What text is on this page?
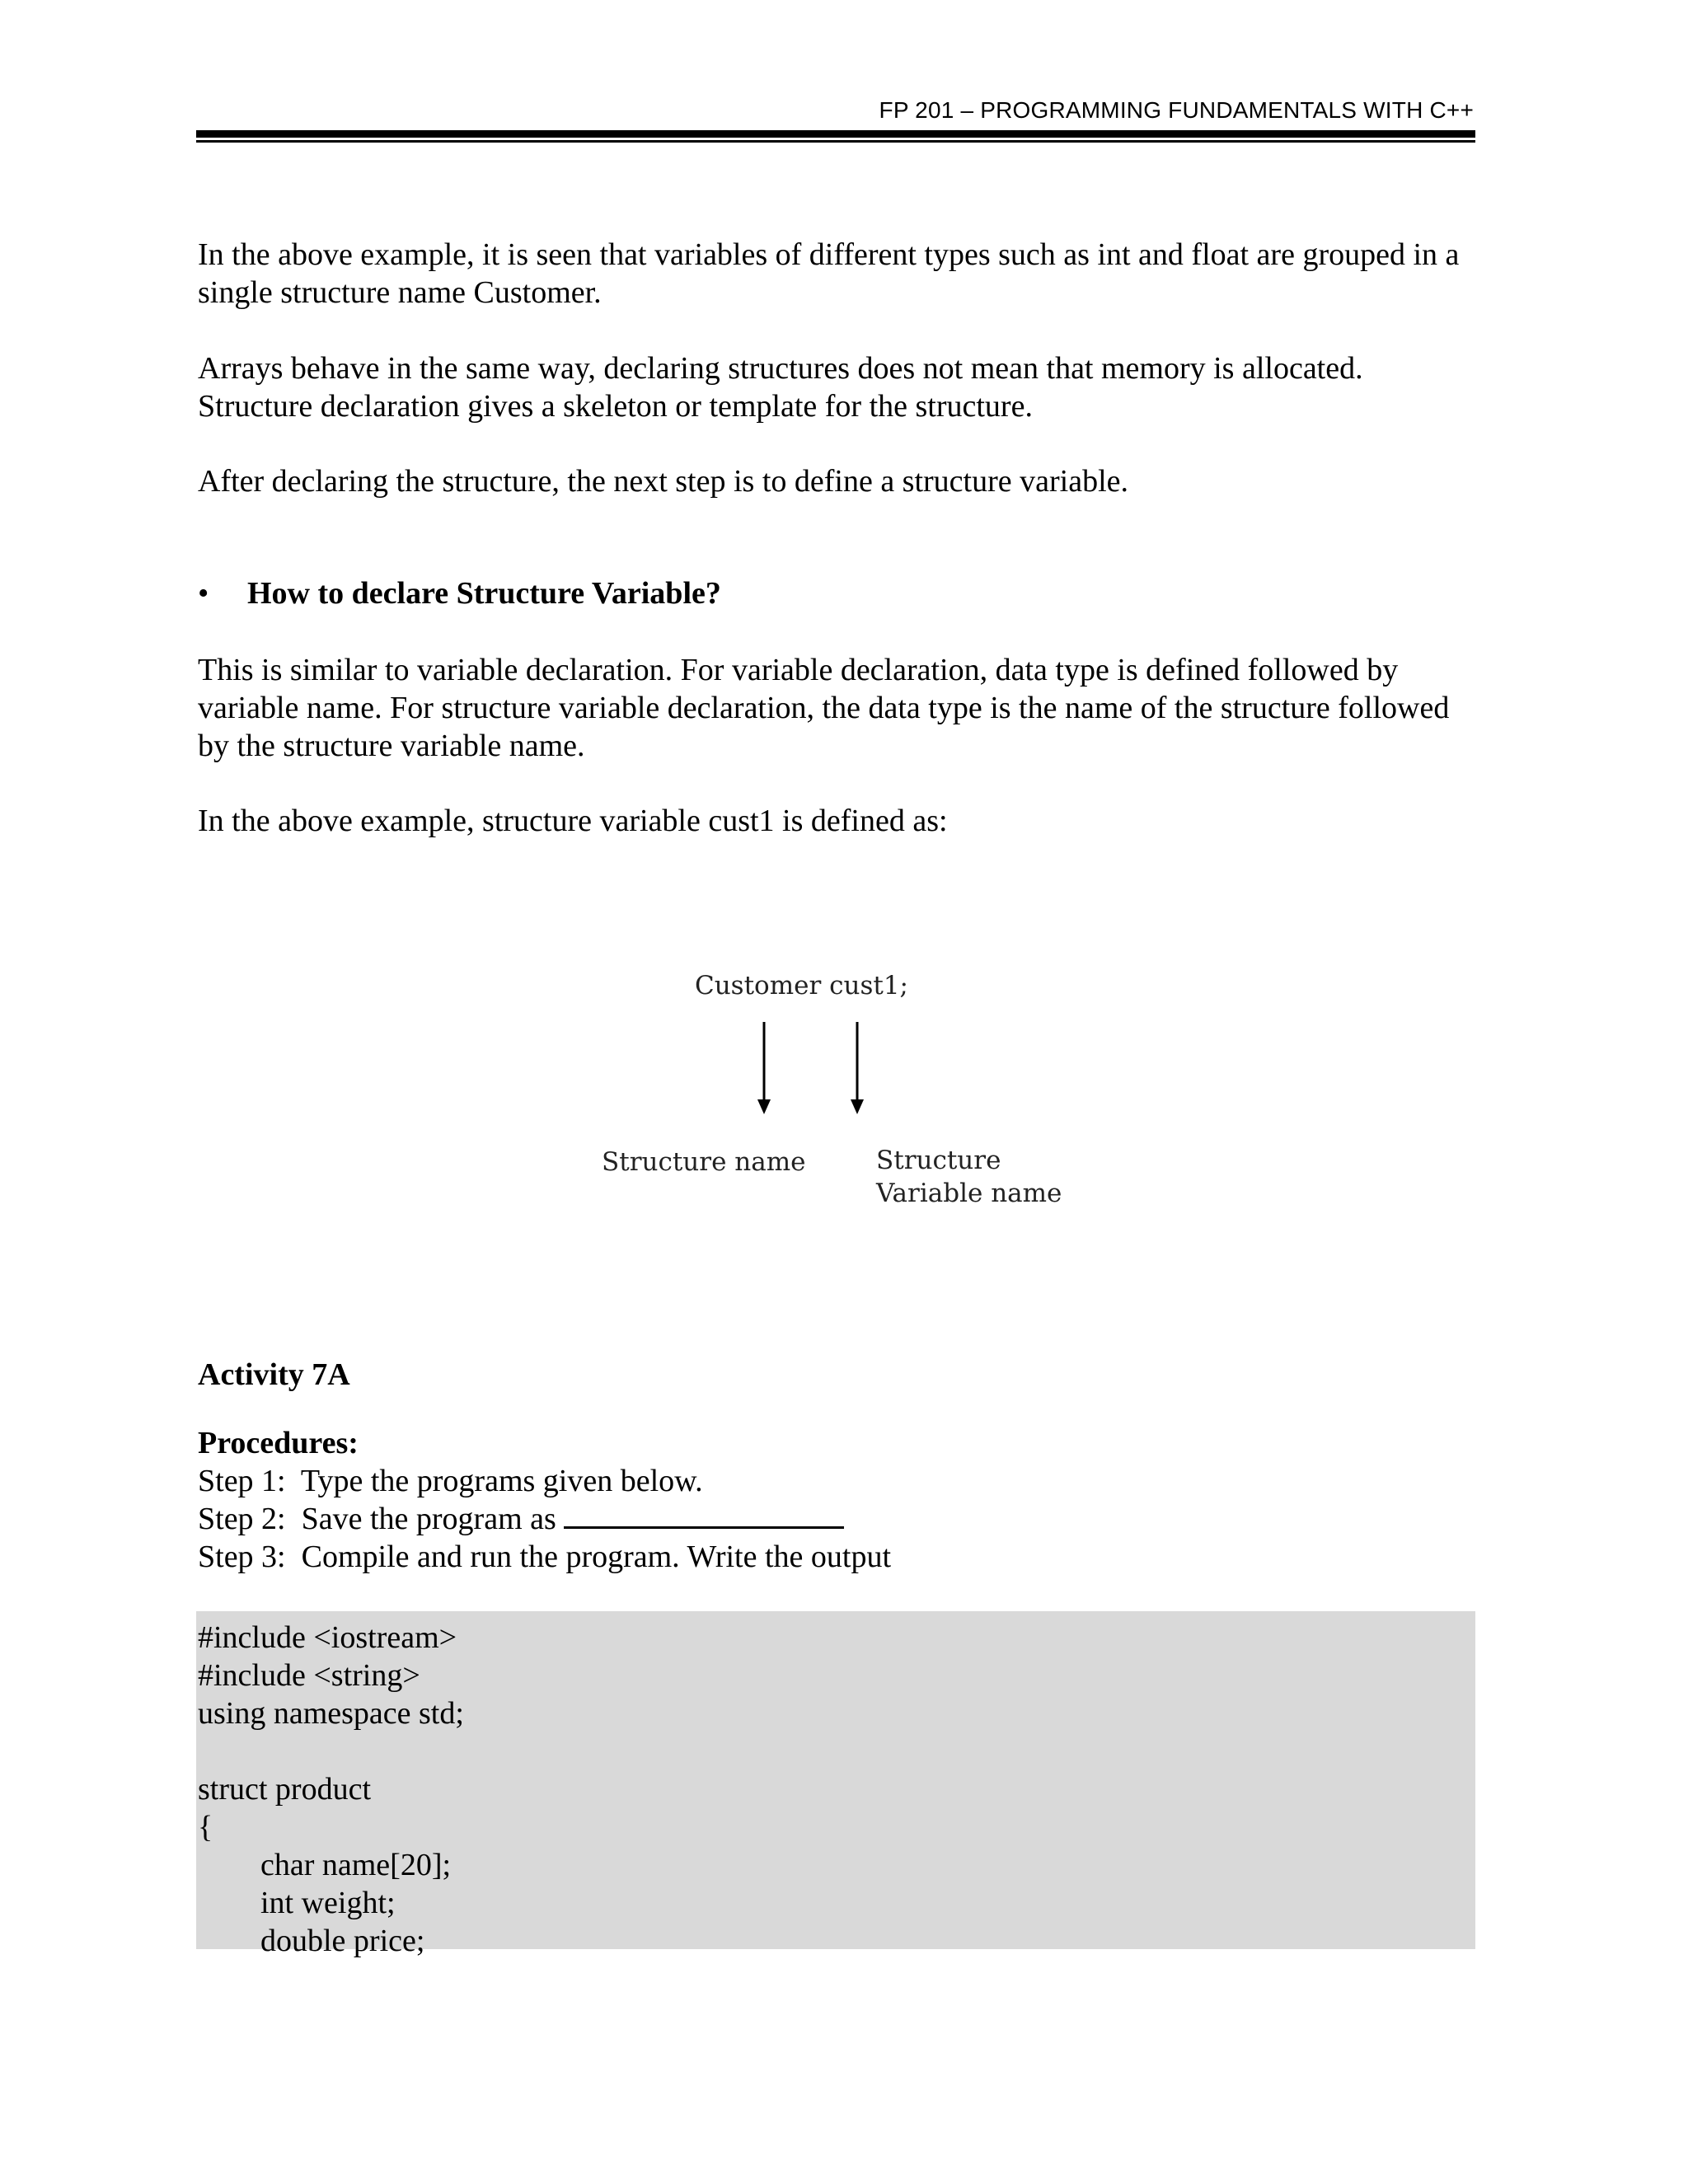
FP 201 – PROGRAMMING FUNDAMENTALS WITH C++

In the above example, it is seen that variables of different types such as int and float are grouped in a single structure name Customer.

Arrays behave in the same way, declaring structures does not mean that memory is allocated. Structure declaration gives a skeleton or template for the structure.

After declaring the structure, the next step is to define a structure variable.

•	How to declare Structure Variable?

This is similar to variable declaration. For variable declaration, data type is defined followed by variable name. For structure variable declaration, the data type is the name of the structure followed by the structure variable name.

In the above example, structure variable cust1 is defined as:

Customer cust1;
Structure name	Structure
Variable name
Activity 7A
Procedures:
Step 1:  Type the programs given below.
Step 2:  Save the program as
Step 3:  Compile and run the program. Write the output
#include <iostream>
#include <string>
using namespace std;
struct product
{
char name[20];
int weight;
double price;
